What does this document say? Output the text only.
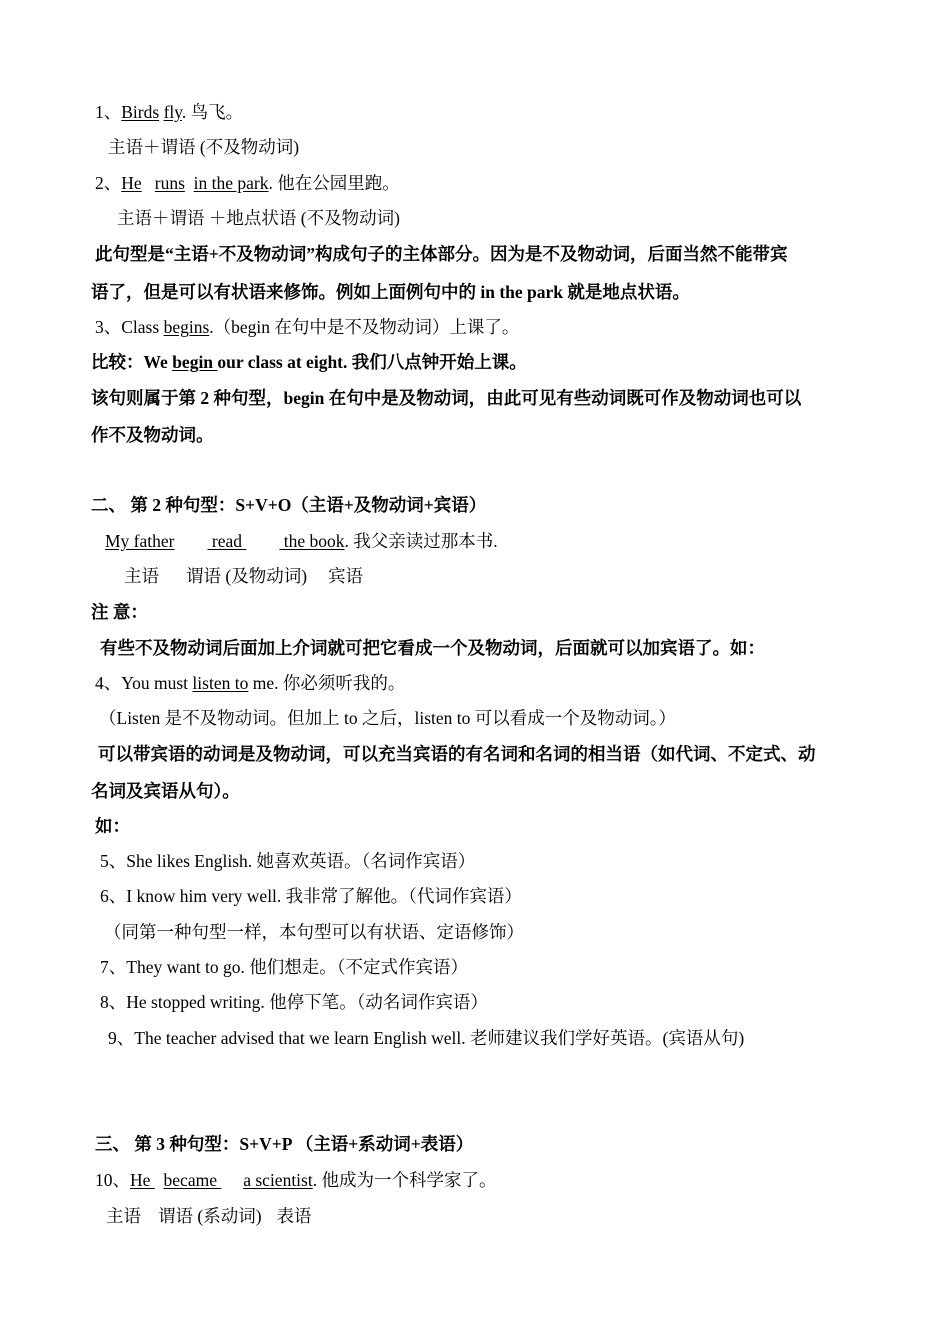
1、Birds fly. 鸟飞。
主语＋谓语 (不及物动词)
2、He runs in the park. 他在公园里跑。
主语＋谓语 ＋地点状语 (不及物动词)
此句型是“主语+不及物动词”构成句子的主体部分。因为是不及物动词，后面当然不能带宾
语了，但是可以有状语来修饰。例如上面例句中的 in the park 就是地点状语。
3、Class begins.（begin 在句中是不及物动词）上课了。
比较：We begin our class at eight. 我们八点钟开始上课。
该句则属于第 2 种句型，begin 在句中是及物动词，由此可见有些动词既可作及物动词也可以
作不及物动词。
二、 第 2 种句型：S+V+O（主语+及物动词+宾语）
My father read  the book. 我父亲读过那本书.
主语 谓语 (及物动词) 宾语
注 意：
有些不及物动词后面加上介词就可把它看成一个及物动词，后面就可以加宾语了。如：
4、You must listen to me. 你必须听我的。
（Listen 是不及物动词。但加上 to 之后，listen to 可以看成一个及物动词。）
可以带宾语的动词是及物动词，可以充当宾语的有名词和名词的相当语（如代词、不定式、动
名词及宾语从句）。
如：
5、She likes English. 她喜欢英语。（名词作宾语）
6、I know him very well. 我非常了解他。（代词作宾语）
（同第一种句型一样，本句型可以有状语、定语修饰）
7、They want to go. 他们想走。（不定式作宾语）
8、He stopped writing. 他停下笔。（动名词作宾语）
9、The teacher advised that we learn English well. 老师建议我们学好英语。(宾语从句)
三、 第 3 种句型：S+V+P （主语+系动词+表语）
10、He   became      a scientist. 他成为一个科学家了。
主语 谓语 (系动词) 表语
